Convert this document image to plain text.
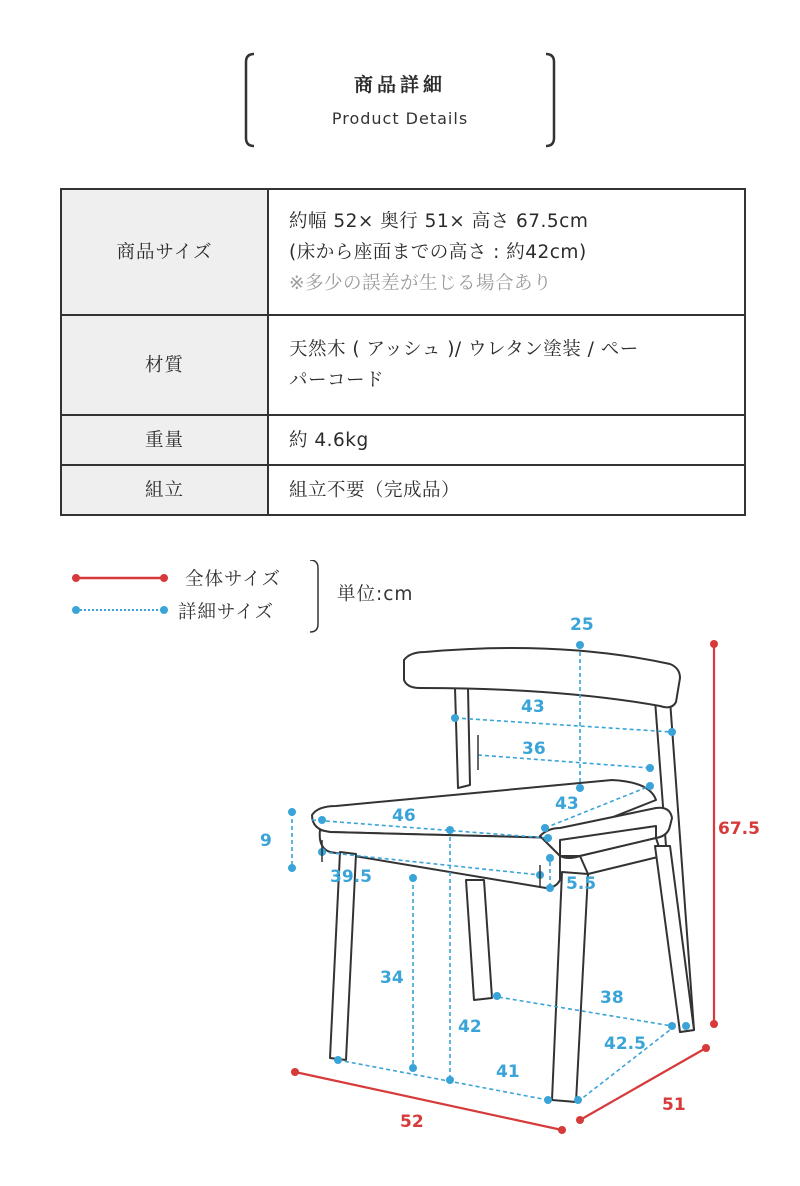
商品詳細
Product Details
商品サイズ	約幅 52× 奥行 51× 高さ 67.5cm
(床から座面までの高さ : 約42cm)
※多少の誤差が生じる場合あり

材質	天然木 ( アッシュ )/ ウレタン塗装 / ペー
パーコード

重量	約 4.6kg
組立	組立不要（完成品）
全体サイズ
詳細サイズ
単位:cm
25
43
36
43
46
9
39.5	5.5
34
42
38
42.5
41
67.5
52
51
